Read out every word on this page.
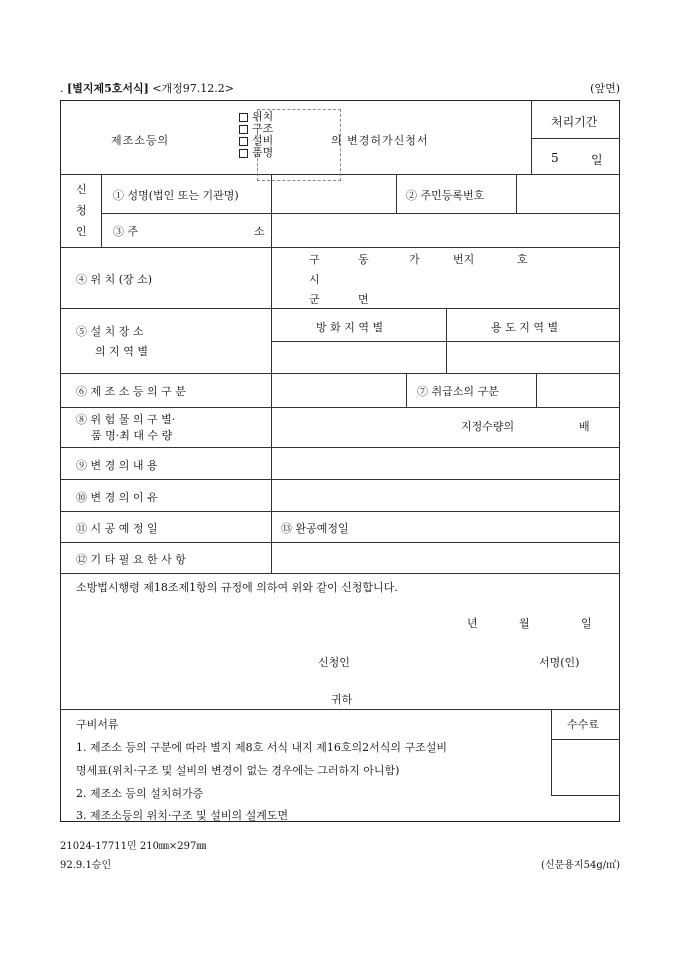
. [별지제5호서식] <개정97.12.2>	(앞면)
제조소등의
위치
구조
설비
품명
의 변경허가신청서
처리기간
5	일
신
청
인
① 성명(법인 또는 기관명)	② 주민등록번호
③ 주	소
④ 위 치 (장 소)
구	동	가	번지	호
시
군	면
⑤ 설 치 장 소
의 지 역 별
방 화 지 역 별	용 도 지 역 별
⑥ 제 조 소 등 의 구 분	⑦ 취급소의 구분
⑧ 위 험 물 의 구 별·
품 명·최 대 수 량
지정수량의	배
⑨ 변 경 의 내 용
⑩ 변 경 의 이 유
⑪ 시 공 예 정 일	⑬ 완공예정일
⑫ 기 타 필 요 한 사 항
소방법시행령 제18조제1항의 규정에 의하여 위와 같이 신청합니다.
년	월	일
신청인	서명(인)
귀하
구비서류	수수료
1. 제조소 등의 구분에 따라 별지 제8호 서식 내지 제16호의2서식의 구조설비
명세표(위치·구조 및 설비의 변경이 없는 경우에는 그러하지 아니함)
2. 제조소 등의 설치허가증
3. 제조소등의 위치·구조 및 설비의 설계도면
21024-17711민 210㎜×297㎜
92.9.1승인	(신문용지54g/㎡)
